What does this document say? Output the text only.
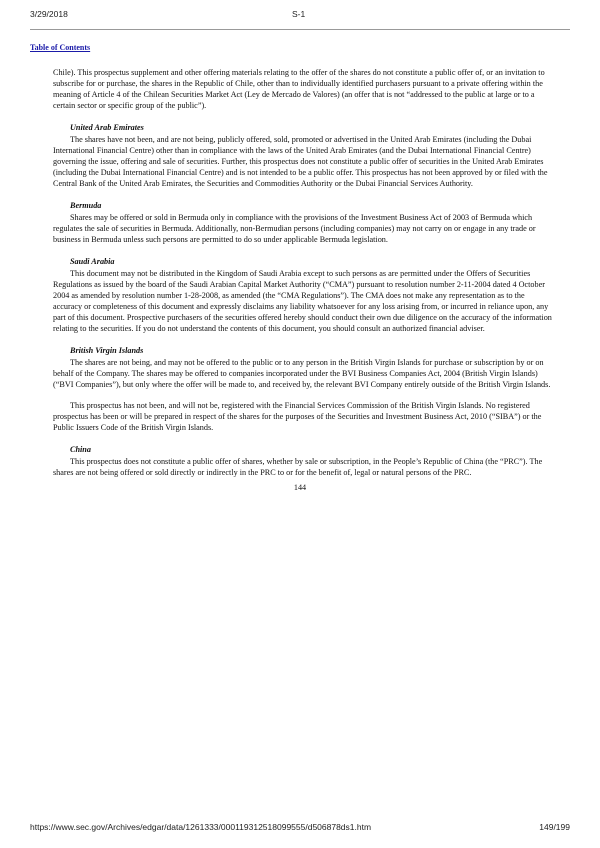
3/29/2018	S-1
Table of Contents
Chile). This prospectus supplement and other offering materials relating to the offer of the shares do not constitute a public offer of, or an invitation to
subscribe for or purchase, the shares in the Republic of Chile, other than to individually identified purchasers pursuant to a private offering within the
meaning of Article 4 of the Chilean Securities Market Act (Ley de Mercado de Valores) (an offer that is not “addressed to the public at large or to a
certain sector or specific group of the public”).
United Arab Emirates
The shares have not been, and are not being, publicly offered, sold, promoted or advertised in the United Arab Emirates (including the Dubai
International Financial Centre) other than in compliance with the laws of the United Arab Emirates (and the Dubai International Financial Centre)
governing the issue, offering and sale of securities. Further, this prospectus does not constitute a public offer of securities in the United Arab Emirates
(including the Dubai International Financial Centre) and is not intended to be a public offer. This prospectus has not been approved by or filed with the
Central Bank of the United Arab Emirates, the Securities and Commodities Authority or the Dubai Financial Services Authority.
Bermuda
Shares may be offered or sold in Bermuda only in compliance with the provisions of the Investment Business Act of 2003 of Bermuda which
regulates the sale of securities in Bermuda. Additionally, non-Bermudian persons (including companies) may not carry on or engage in any trade or
business in Bermuda unless such persons are permitted to do so under applicable Bermuda legislation.
Saudi Arabia
This document may not be distributed in the Kingdom of Saudi Arabia except to such persons as are permitted under the Offers of Securities
Regulations as issued by the board of the Saudi Arabian Capital Market Authority (“CMA”) pursuant to resolution number 2-11-2004 dated 4 October
2004 as amended by resolution number 1-28-2008, as amended (the “CMA Regulations”). The CMA does not make any representation as to the
accuracy or completeness of this document and expressly disclaims any liability whatsoever for any loss arising from, or incurred in reliance upon, any
part of this document. Prospective purchasers of the securities offered hereby should conduct their own due diligence on the accuracy of the information
relating to the securities. If you do not understand the contents of this document, you should consult an authorized financial adviser.
British Virgin Islands
The shares are not being, and may not be offered to the public or to any person in the British Virgin Islands for purchase or subscription by or on
behalf of the Company. The shares may be offered to companies incorporated under the BVI Business Companies Act, 2004 (British Virgin Islands)
(“BVI Companies”), but only where the offer will be made to, and received by, the relevant BVI Company entirely outside of the British Virgin Islands.
This prospectus has not been, and will not be, registered with the Financial Services Commission of the British Virgin Islands. No registered
prospectus has been or will be prepared in respect of the shares for the purposes of the Securities and Investment Business Act, 2010 (“SIBA”) or the
Public Issuers Code of the British Virgin Islands.
China
This prospectus does not constitute a public offer of shares, whether by sale or subscription, in the People’s Republic of China (the “PRC”). The
shares are not being offered or sold directly or indirectly in the PRC to or for the benefit of, legal or natural persons of the PRC.
144
https://www.sec.gov/Archives/edgar/data/1261333/000119312518099555/d506878ds1.htm	149/199
